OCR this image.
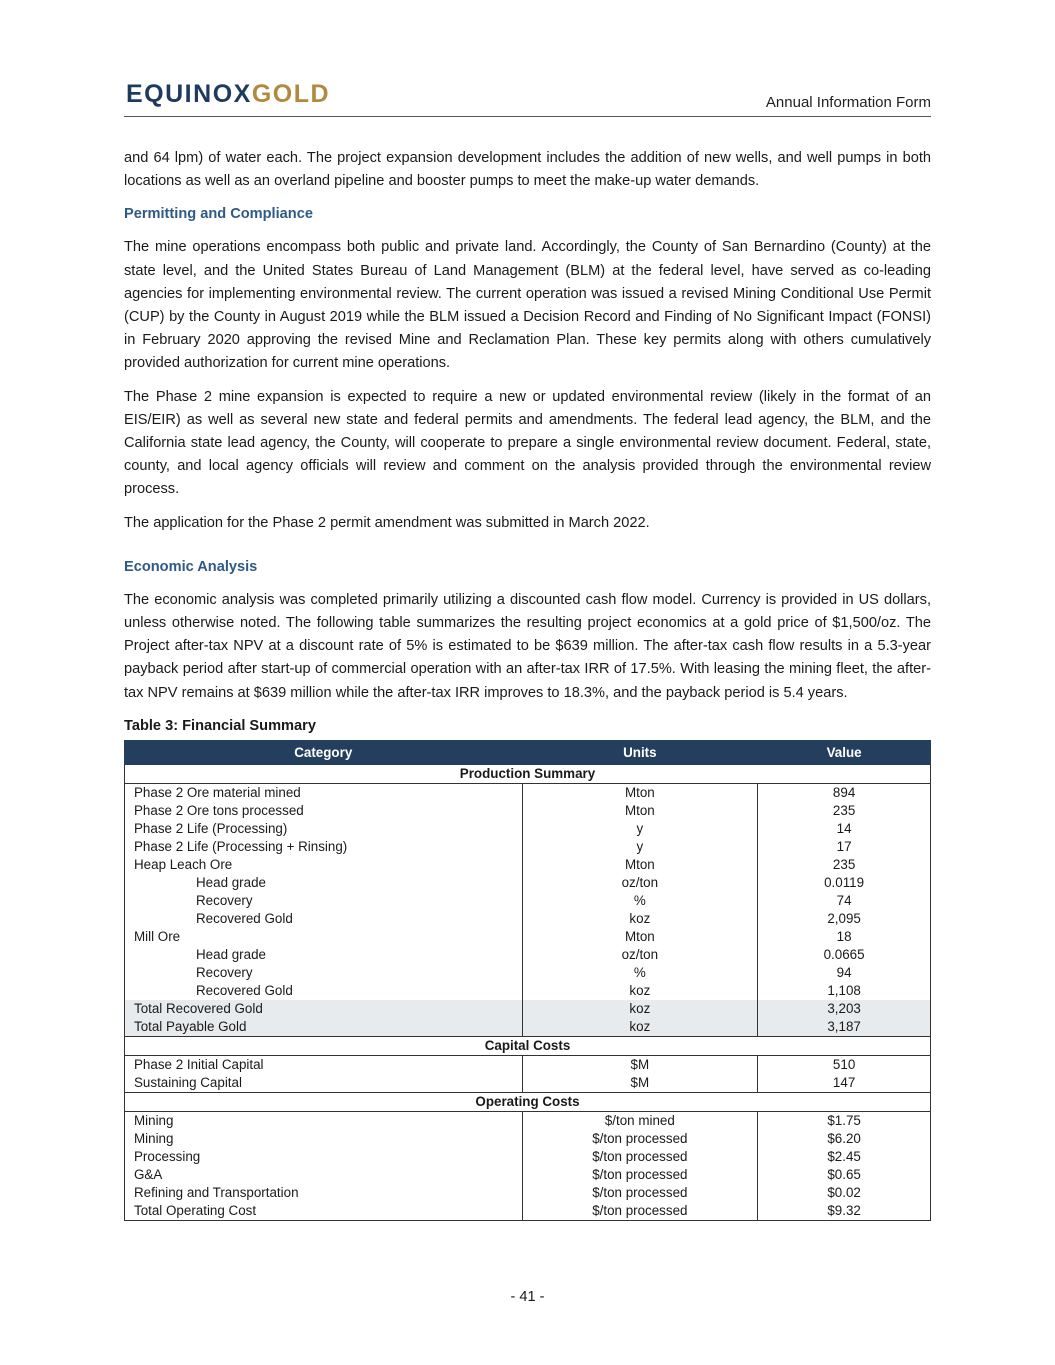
EQUINOXGOLD	Annual Information Form

and 64 lpm) of water each. The project expansion development includes the addition of new wells, and well pumps in both locations as well as an overland pipeline and booster pumps to meet the make-up water demands.

Permitting and Compliance

The mine operations encompass both public and private land. Accordingly, the County of San Bernardino (County) at the state level, and the United States Bureau of Land Management (BLM) at the federal level, have served as co-leading agencies for implementing environmental review. The current operation was issued a revised Mining Conditional Use Permit (CUP) by the County in August 2019 while the BLM issued a Decision Record and Finding of No Significant Impact (FONSI) in February 2020 approving the revised Mine and Reclamation Plan. These key permits along with others cumulatively provided authorization for current mine operations.

The Phase 2 mine expansion is expected to require a new or updated environmental review (likely in the format of an EIS/EIR) as well as several new state and federal permits and amendments. The federal lead agency, the BLM, and the California state lead agency, the County, will cooperate to prepare a single environmental review document. Federal, state, county, and local agency officials will review and comment on the analysis provided through the environmental review process.

The application for the Phase 2 permit amendment was submitted in March 2022.

Economic Analysis

The economic analysis was completed primarily utilizing a discounted cash flow model. Currency is provided in US dollars, unless otherwise noted. The following table summarizes the resulting project economics at a gold price of $1,500/oz. The Project after-tax NPV at a discount rate of 5% is estimated to be $639 million. The after-tax cash flow results in a 5.3-year payback period after start-up of commercial operation with an after-tax IRR of 17.5%. With leasing the mining fleet, the after-tax NPV remains at $639 million while the after-tax IRR improves to 18.3%, and the payback period is 5.4 years.

Table 3: Financial Summary
Category	Units	Value
Production Summary		
Phase 2 Ore material mined	Mton	894
Phase 2 Ore tons processed	Mton	235
Phase 2 Life (Processing)	y	14
Phase 2 Life (Processing + Rinsing)	y	17
Heap Leach Ore	Mton	235
Head grade	oz/ton	0.0119
Recovery	%	74
Recovered Gold	koz	2,095
Mill Ore	Mton	18
Head grade	oz/ton	0.0665
Recovery	%	94
Recovered Gold	koz	1,108
Total Recovered Gold	koz	3,203
Total Payable Gold	koz	3,187
Capital Costs		
Phase 2 Initial Capital	$M	510
Sustaining Capital	$M	147
Operating Costs		
Mining	$/ton mined	$1.75
Mining	$/ton processed	$6.20
Processing	$/ton processed	$2.45
G&A	$/ton processed	$0.65
Refining and Transportation	$/ton processed	$0.02
Total Operating Cost	$/ton processed	$9.32
- 41 -
